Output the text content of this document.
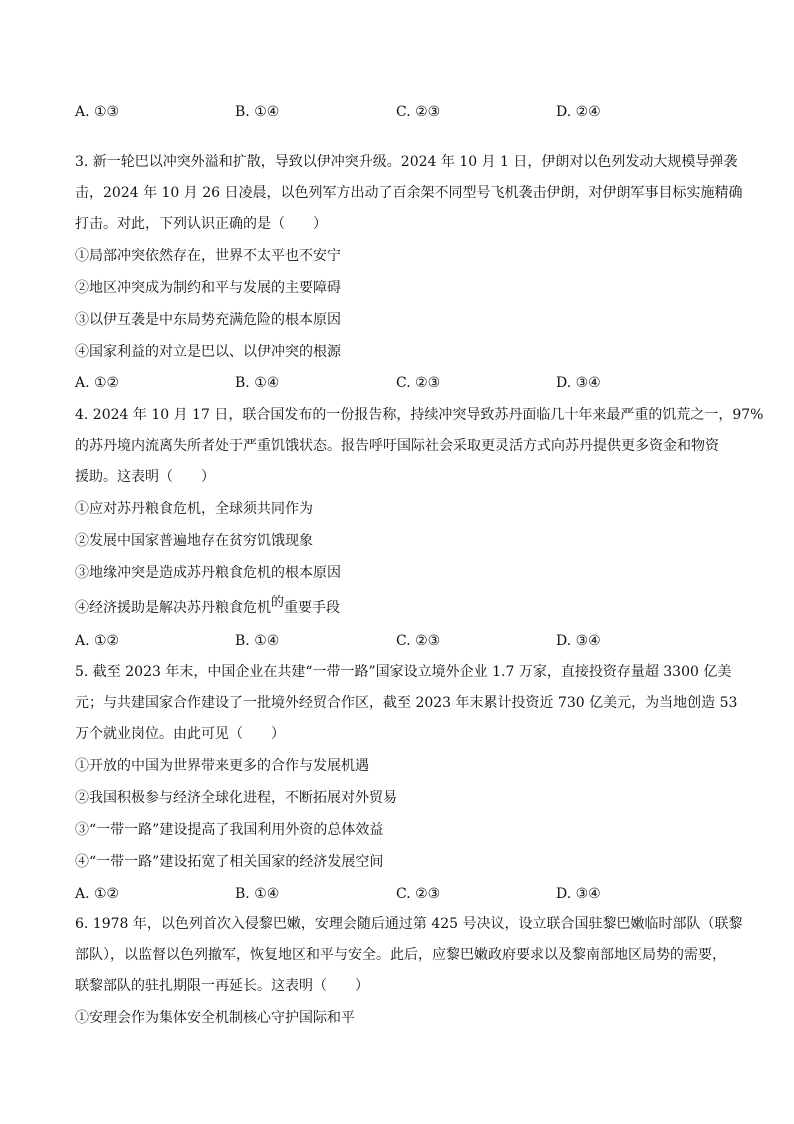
A. ①③	B. ①④	C. ②③	D. ②④
3. 新一轮巴以冲突外溢和扩散，导致以伊冲突升级。2024 年 10 月 1 日，伊朗对以色列发动大规模导弹袭
击，2024 年 10 月 26 日凌晨，以色列军方出动了百余架不同型号飞机袭击伊朗，对伊朗军事目标实施精确
打击。对此，下列认识正确的是（　　）
①局部冲突依然存在，世界不太平也不安宁
②地区冲突成为制约和平与发展的主要障碍
③以伊互袭是中东局势充满危险的根本原因
④国家利益的对立是巴以、以伊冲突的根源
A. ①②	B. ①④	C. ②③	D. ③④
4. 2024 年 10 月 17 日，联合国发布的一份报告称，持续冲突导致苏丹面临几十年来最严重的饥荒之一，97%
的苏丹境内流离失所者处于严重饥饿状态。报告呼吁国际社会采取更灵活方式向苏丹提供更多资金和物资
援助。这表明（　　）
①应对苏丹粮食危机，全球须共同作为
②发展中国家普遍地存在贫穷饥饿现象
③地缘冲突是造成苏丹粮食危机的根本原因
④经济援助是解决苏丹粮食危机的重要手段
A. ①②	B. ①④	C. ②③	D. ③④
5. 截至 2023 年末，中国企业在共建“一带一路”国家设立境外企业 1.7 万家，直接投资存量超 3300 亿美
元；与共建国家合作建设了一批境外经贸合作区，截至 2023 年末累计投资近 730 亿美元，为当地创造 53
万个就业岗位。由此可见（　　）
①开放的中国为世界带来更多的合作与发展机遇
②我国积极参与经济全球化进程，不断拓展对外贸易
③“一带一路”建设提高了我国利用外资的总体效益
④“一带一路”建设拓宽了相关国家的经济发展空间
A. ①②	B. ①④	C. ②③	D. ③④
6. 1978 年，以色列首次入侵黎巴嫩，安理会随后通过第 425 号决议，设立联合国驻黎巴嫩临时部队（联黎
部队），以监督以色列撤军，恢复地区和平与安全。此后，应黎巴嫩政府要求以及黎南部地区局势的需要，
联黎部队的驻扎期限一再延长。这表明（　　）
①安理会作为集体安全机制核心守护国际和平
